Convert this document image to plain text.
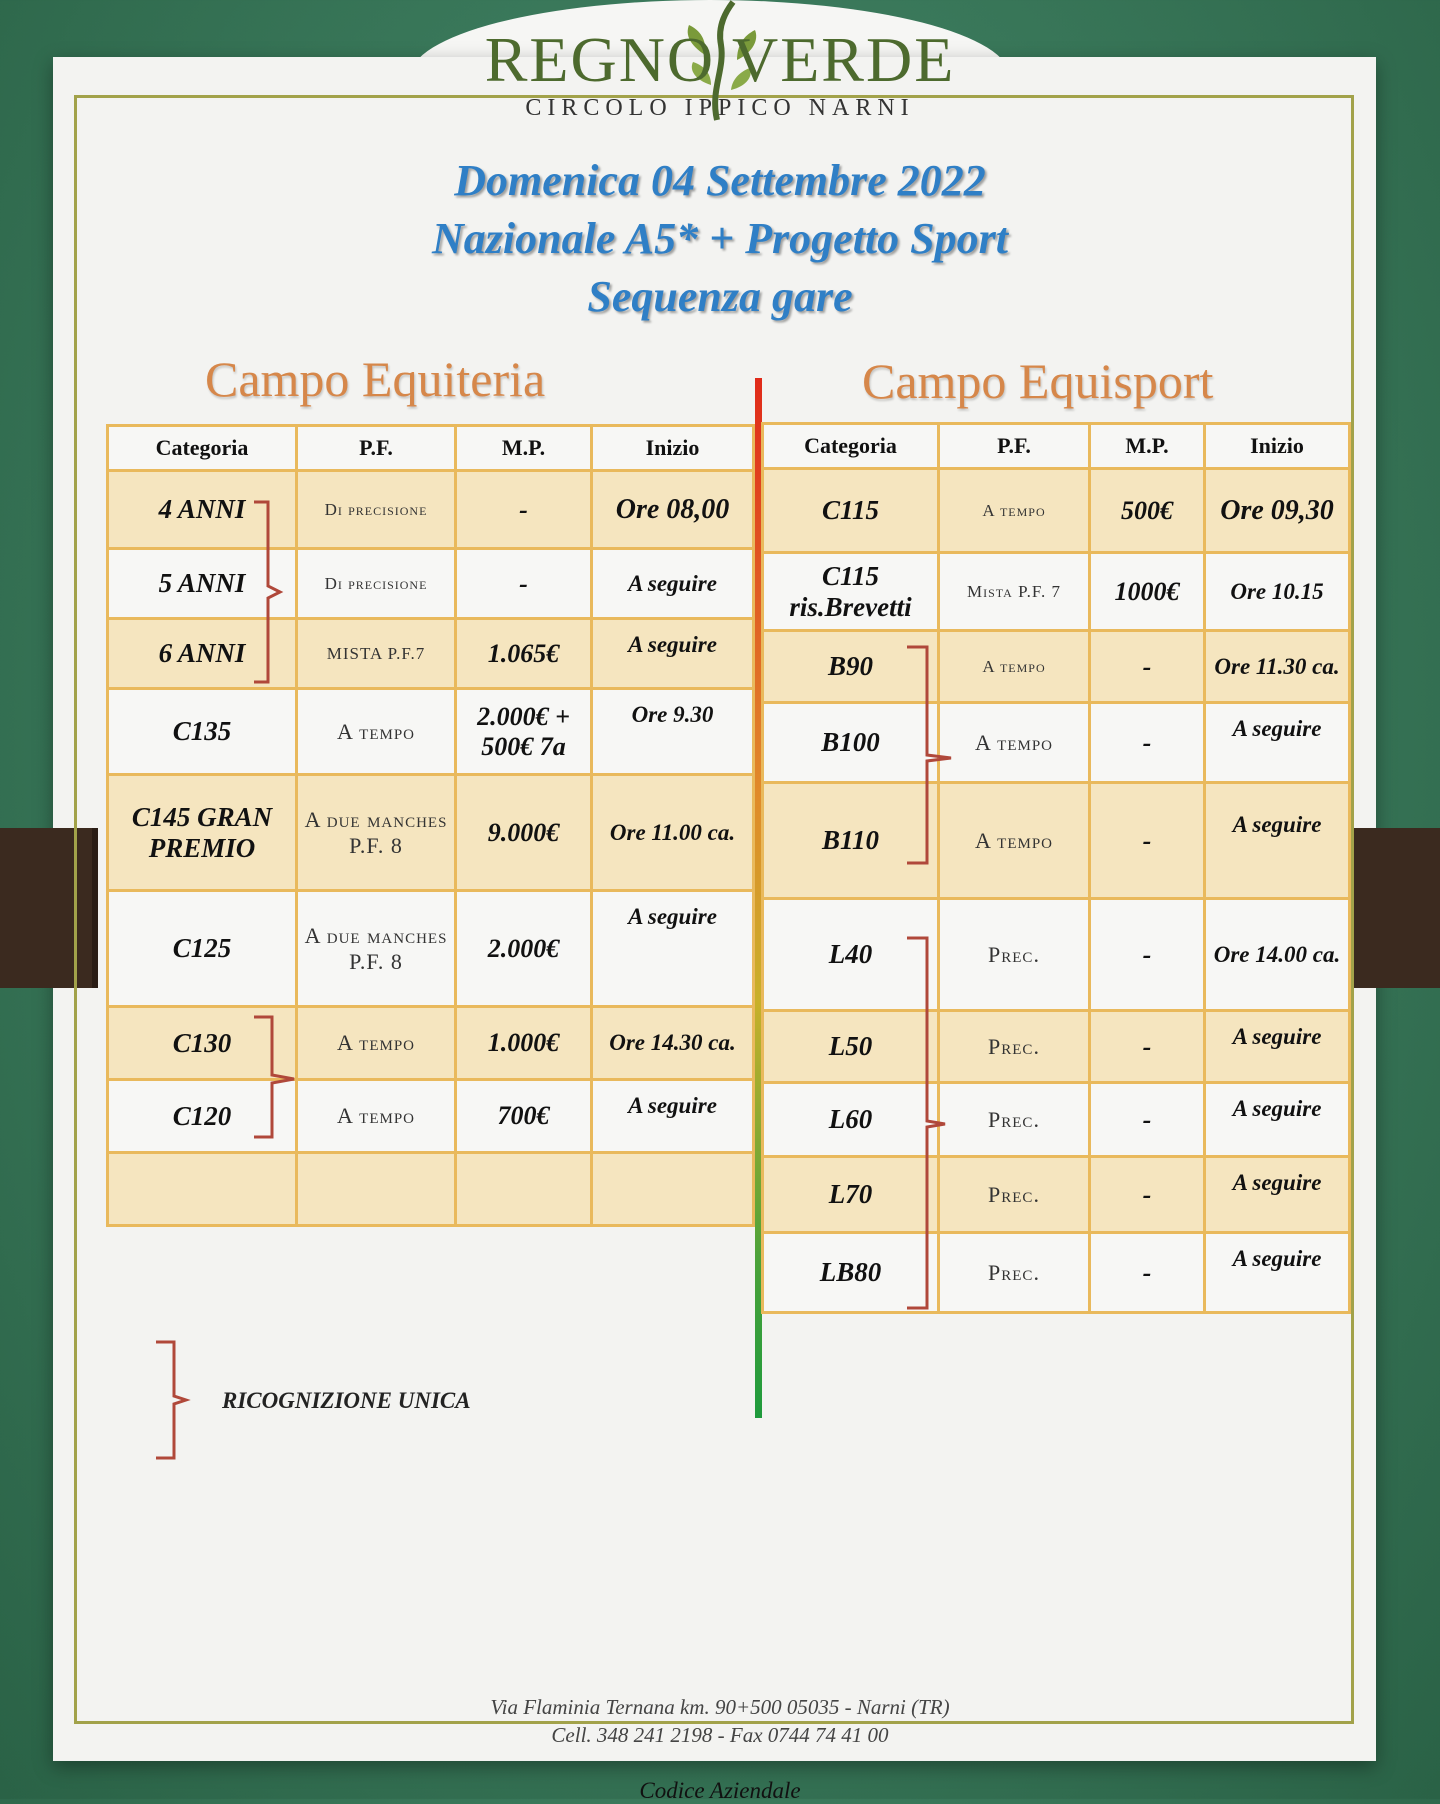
REGNO VERDE
CIRCOLO IPPICO NARNI
Domenica 04 Settembre 2022
Nazionale A5* + Progetto Sport
Sequenza gare
Campo Equiteria	Campo Equisport
Categoria	P.F.	M.P.	Inizio
4 ANNI	Di precisione	-	Ore 08,00
5 ANNI	Di precisione	-	A seguire
6 ANNI	MISTA P.F.7	1.065€	A seguire
C135	A tempo	2.000€ + 500€ 7a	Ore 9.30
C145 GRAN PREMIO	A due manches P.F. 8	9.000€	Ore 11.00 ca.
C125	A due manches P.F. 8	2.000€	A seguire
C130	A tempo	1.000€	Ore 14.30 ca.
C120	A tempo	700€	A seguire

Categoria	P.F.	M.P.	Inizio
C115	A tempo	500€	Ore 09,30
C115 ris.Brevetti	Mista P.F. 7	1000€	Ore 10.15
B90	A tempo	-	Ore 11.30 ca.
B100	A tempo	-	A seguire
B110	A tempo	-	A seguire
L40	Prec.	-	Ore 14.00 ca.
L50	Prec.	-	A seguire
L60	Prec.	-	A seguire
L70	Prec.	-	A seguire
LB80	Prec.	-	A seguire
RICOGNIZIONE UNICA
Via Flaminia Ternana km. 90+500 05035 - Narni (TR)
Cell. 348 241 2198 - Fax 0744 74 41 00
Codice Aziendale
